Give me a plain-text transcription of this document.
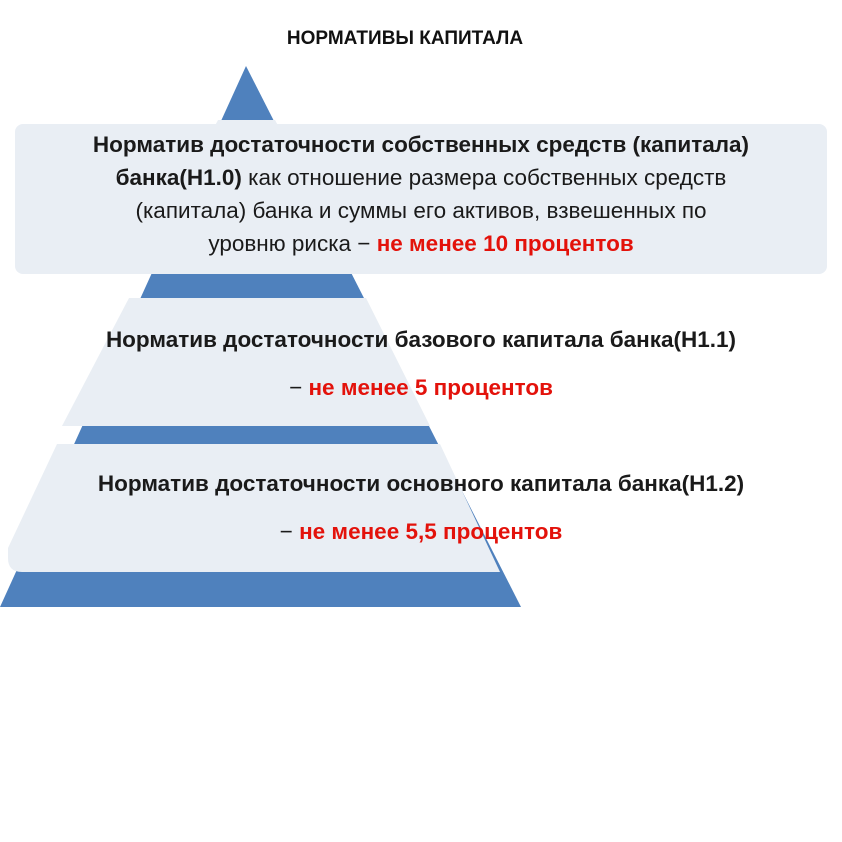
НОРМАТИВЫ КАПИТАЛА
Норматив достаточности собственных средств (капитала)
банка(Н1.0) как отношение размера собственных средств
(капитала) банка и суммы его активов, взвешенных по
уровню риска − не менее 10 процентов
Норматив достаточности базового капитала банка(Н1.1)
− не менее 5 процентов
Норматив достаточности основного капитала банка(Н1.2)
− не менее 5,5 процентов
